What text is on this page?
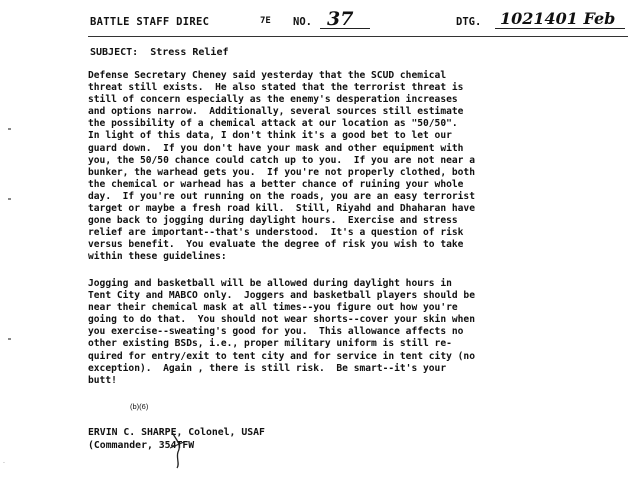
BATTLE STAFF DIREC	7E NO. 37	DTG. 1021401 Feb
SUBJECT: Stress Relief
Defense Secretary Cheney said yesterday that the SCUD chemical
threat still exists.  He also stated that the terrorist threat is
still of concern especially as the enemy's desperation increases
and options narrow.  Additionally, several sources still estimate
the possibility of a chemical attack at our location as "50/50".
In light of this data, I don't think it's a good bet to let our
guard down.  If you don't have your mask and other equipment with
you, the 50/50 chance could catch up to you.  If you are not near a
bunker, the warhead gets you.  If you're not properly clothed, both
the chemical or warhead has a better chance of ruining your whole
day.  If you're out running on the roads, you are an easy terrorist
target or maybe a fresh road kill.  Still, Riyahd and Dhaharan have
gone back to jogging during daylight hours.  Exercise and stress
relief are important--that's understood.  It's a question of risk
versus benefit.  You evaluate the degree of risk you wish to take
within these guidelines:
Jogging and basketball will be allowed during daylight hours in
Tent City and MABCO only.  Joggers and basketball players should be
near their chemical mask at all times--you figure out how you're
going to do that.  You should not wear shorts--cover your skin when
you exercise--sweating's good for you.  This allowance affects no
other existing BSDs, i.e., proper military uniform is still re-
quired for entry/exit to tent city and for service in tent city (no
exception).  Again , there is still risk.  Be smart--it's your
butt!
(b)(6)
ERVIN C. SHARPE, Colonel, USAF
(Commander, 354TFW
.
